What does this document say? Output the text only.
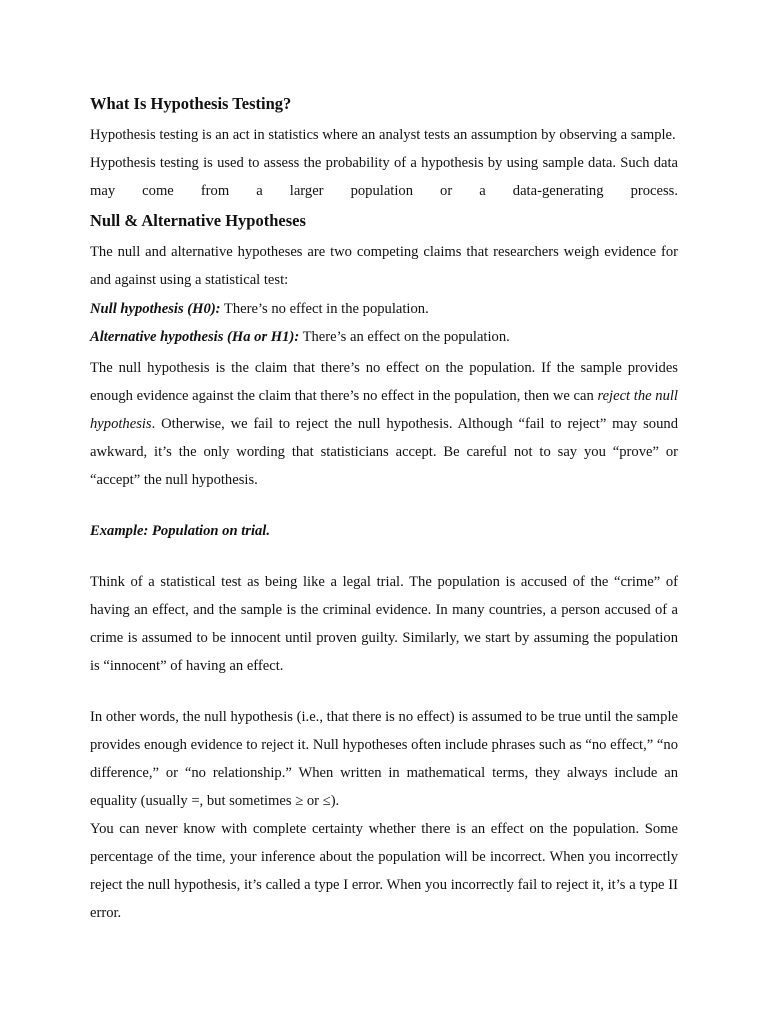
What Is Hypothesis Testing?

Hypothesis testing is an act in statistics where an analyst tests an assumption by observing a sample.

Hypothesis testing is used to assess the probability of a hypothesis by using sample data. Such data may come from a larger population or a data-generating process.

Null & Alternative Hypotheses

The null and alternative hypotheses are two competing claims that researchers weigh evidence for and against using a statistical test:

Null hypothesis (H0): There’s no effect in the population.

Alternative hypothesis (Ha or H1): There’s an effect on the population.

The null hypothesis is the claim that there’s no effect on the population. If the sample provides enough evidence against the claim that there’s no effect in the population, then we can reject the null hypothesis. Otherwise, we fail to reject the null hypothesis. Although “fail to reject” may sound awkward, it’s the only wording that statisticians accept. Be careful not to say you “prove” or “accept” the null hypothesis.

Example: Population on trial.

Think of a statistical test as being like a legal trial. The population is accused of the “crime” of having an effect, and the sample is the criminal evidence. In many countries, a person accused of a crime is assumed to be innocent until proven guilty. Similarly, we start by assuming the population is “innocent” of having an effect.

In other words, the null hypothesis (i.e., that there is no effect) is assumed to be true until the sample provides enough evidence to reject it. Null hypotheses often include phrases such as “no effect,” “no difference,” or “no relationship.” When written in mathematical terms, they always include an equality (usually =, but sometimes ≥ or ≤).

You can never know with complete certainty whether there is an effect on the population. Some percentage of the time, your inference about the population will be incorrect. When you incorrectly reject the null hypothesis, it’s called a type I error. When you incorrectly fail to reject it, it’s a type II error.
